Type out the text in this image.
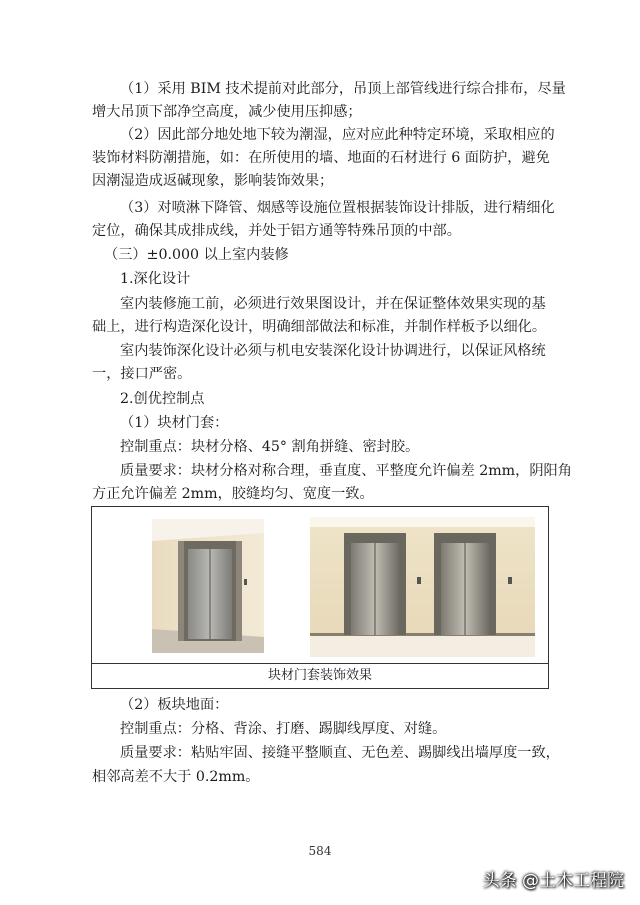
（1）采用 BIM 技术提前对此部分，吊顶上部管线进行综合排布，尽量
增大吊顶下部净空高度，减少使用压抑感；
（2）因此部分地处地下较为潮湿，应对应此种特定环境，采取相应的
装饰材料防潮措施，如：在所使用的墙、地面的石材进行 6 面防护，避免
因潮湿造成返碱现象，影响装饰效果；
（3）对喷淋下降管、烟感等设施位置根据装饰设计排版，进行精细化
定位，确保其成排成线，并处于铝方通等特殊吊顶的中部。
（三）±0.000 以上室内装修
1.深化设计
室内装修施工前，必须进行效果图设计，并在保证整体效果实现的基
础上，进行构造深化设计，明确细部做法和标准，并制作样板予以细化。
室内装饰深化设计必须与机电安装深化设计协调进行，以保证风格统
一，接口严密。
2.创优控制点
（1）块材门套：
控制重点：块材分格、45° 割角拼缝、密封胶。
质量要求：块材分格对称合理，垂直度、平整度允许偏差 2mm，阴阳角
方正允许偏差 2mm，胶缝均匀、宽度一致。
块材门套装饰效果
（2）板块地面：
控制重点：分格、背涂、打磨、踢脚线厚度、对缝。
质量要求：粘贴牢固、接缝平整顺直、无色差、踢脚线出墙厚度一致，
相邻高差不大于 0.2mm。
584
头条 @土木工程院
